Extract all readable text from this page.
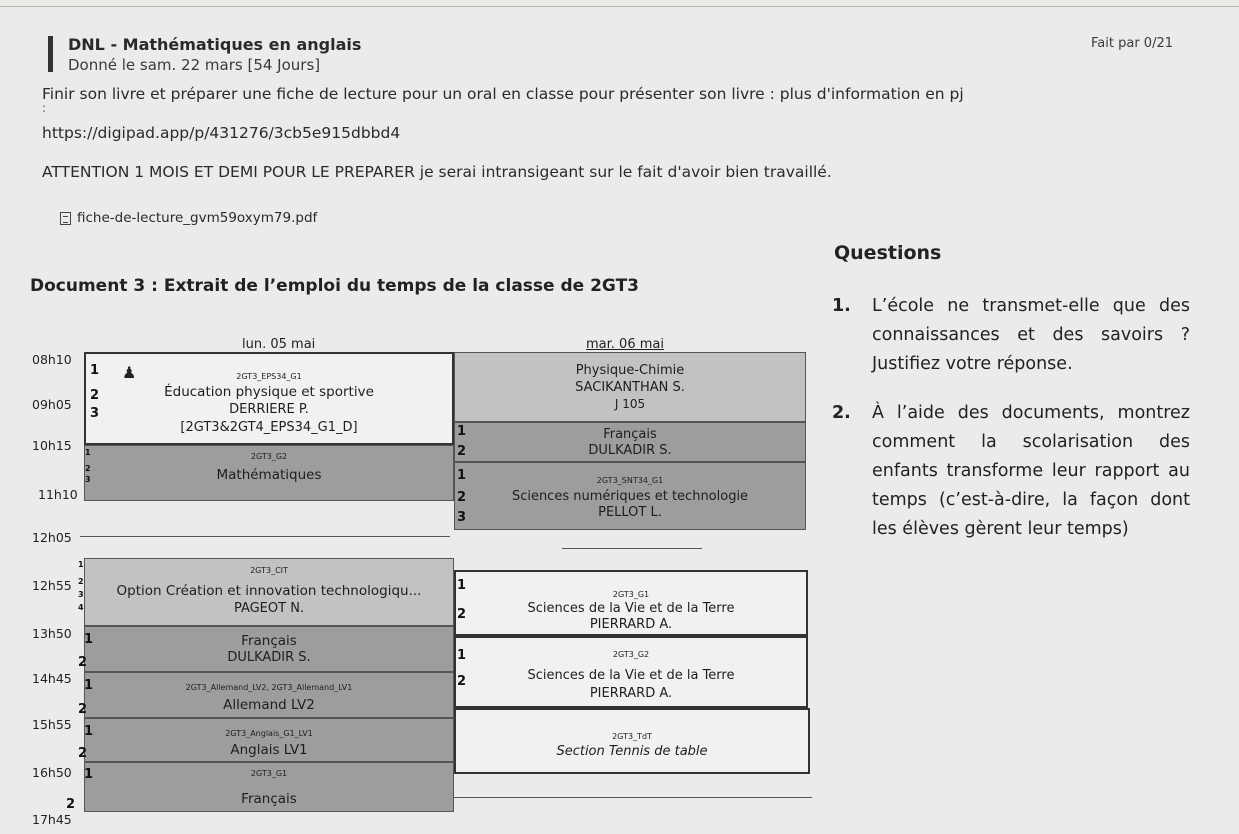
DNL - Mathématiques en anglais
Donné le sam. 22 mars [54 Jours]
Fait par 0/21
Finir son livre et préparer une fiche de lecture pour un oral en classe pour présenter son livre : plus d'information en pj
:
https://digipad.app/p/431276/3cb5e915dbbd4
ATTENTION 1 MOIS ET DEMI POUR LE PREPARER je serai intransigeant sur le fait d'avoir bien travaillé.
fiche-de-lecture_gvm59oxym79.pdf
Document 3 : Extrait de l’emploi du temps de la classe de 2GT3
Questions
1. L’école ne transmet-elle que des connaissances et des savoirs ? Justifiez votre réponse.
2. À l’aide des documents, montrez comment la scolarisation des enfants transforme leur rapport au temps (c’est-à-dire, la façon dont les élèves gèrent leur temps)
lun. 05 mai	mar. 06 mai
08h10
09h05
10h15
11h10
12h05
12h55
13h50
14h45
15h55
16h50
17h45
2GT3_EPS34_G1
Éducation physique et sportive
DERRIERE P.
[2GT3&2GT4_EPS34_G1_D]
♟
1
2
3
2GT3_G2
Mathématiques
1
2
3
2GT3_CIT
Option Création et innovation technologiqu...
PAGEOT N.
1
2
3
4
Français
DULKADIR S.
1
2
2GT3_Allemand_LV2, 2GT3_Allemand_LV1
Allemand LV2
1
2
2GT3_Anglais_G1_LV1
Anglais LV1
1
2
2GT3_G1
Français
1
2
Physique-Chimie
SACIKANTHAN S.
J 105
Français
DULKADIR S.
1
2
2GT3_SNT34_G1
Sciences numériques et technologie
PELLOT L.
1
2
3
2GT3_G1
Sciences de la Vie et de la Terre
PIERRARD A.
1
2
2GT3_G2
Sciences de la Vie et de la Terre
PIERRARD A.
1
2
2GT3_TdT
Section Tennis de table
